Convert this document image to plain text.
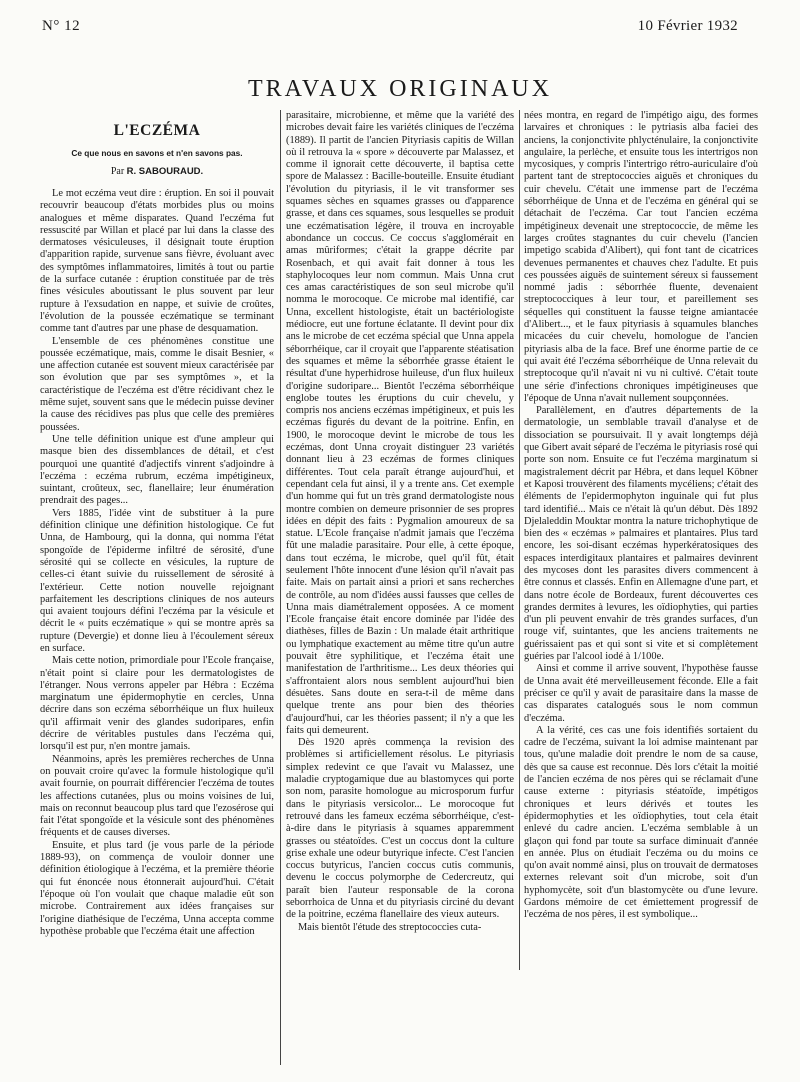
N° 12	10 Février 1932
TRAVAUX ORIGINAUX
L'ECZÉMA
Ce que nous en savons et n'en savons pas.
Par R. SABOURAUD.

Le mot eczéma veut dire : éruption. En soi il pouvait recouvrir beaucoup d'états morbides plus ou moins analogues et même disparates. Quand l'eczéma fut ressuscité par Willan et placé par lui dans la classe des dermatoses vésiculeuses, il désignait toute éruption d'apparition rapide, survenue sans fièvre, évoluant avec des symptômes inflammatoires, limités à tout ou partie de la surface cutanée : éruption constituée par de très fines vésicules aboutissant le plus souvent par leur rupture à l'exsudation en nappe, et suivie de croûtes, l'évolution de la poussée eczématique se terminant comme tant d'autres par une phase de desquamation.

L'ensemble de ces phénomènes constitue une poussée eczématique, mais, comme le disait Besnier, « une affection cutanée est souvent mieux caractérisée par son évolution que par ses symptômes », et la caractéristique de l'eczéma est d'être récidivant chez le même sujet, souvent sans que le médecin puisse deviner la cause des récidives pas plus que celle des premières poussées.

Une telle définition unique est d'une ampleur qui masque bien des dissemblances de détail, et c'est pourquoi une quantité d'adjectifs vinrent s'adjoindre à l'eczéma : eczéma rubrum, eczéma impétigineux, suintant, croûteux, sec, flanellaire; leur énumération prendrait des pages...

Vers 1885, l'idée vint de substituer à la pure définition clinique une définition histologique. Ce fut Unna, de Hambourg, qui la donna, qui nomma l'état spongoïde de l'épiderme infiltré de sérosité, d'une sérosité qui se collecte en vésicules, la rupture de celles-ci étant suivie du ruissellement de sérosité à l'extérieur. Cette notion nouvelle rejoignant parfaitement les descriptions cliniques de nos auteurs qui avaient toujours défini l'eczéma par la vésicule et décrit le « puits eczématique » qui se montre après sa rupture (Devergie) et donne lieu à l'écoulement séreux en surface.

Mais cette notion, primordiale pour l'Ecole française, n'était point si claire pour les dermatologistes de l'étranger. Nous verrons appeler par Hébra : Eczéma marginatum une épidermophytie en cercles, Unna décrire dans son eczéma séborrhéique un flux huileux qu'il affirmait venir des glandes sudoripares, enfin décrire de véritables pustules dans l'eczéma qui, lorsqu'il est pur, n'en montre jamais.

Néanmoins, après les premières recherches de Unna on pouvait croire qu'avec la formule histologique qu'il avait fournie, on pourrait différencier l'eczéma de toutes les affections cutanées, plus ou moins voisines de lui, mais on reconnut beaucoup plus tard que l'ezosérose qui fait l'état spongoïde et la vésicule sont des phénomènes fréquents et de causes diverses.

Ensuite, et plus tard (je vous parle de la période 1889-93), on commença de vouloir donner une définition étiologique à l'eczéma, et la première théorie qui fut énoncée nous étonnerait aujourd'hui. C'était l'époque où l'on voulait que chaque maladie eût son microbe. Contrairement aux idées françaises sur l'origine diathésique de l'eczéma, Unna accepta comme hypothèse probable que l'eczéma était une affection

parasitaire, microbienne, et même que la variété des microbes devait faire les variétés cliniques de l'eczéma (1889). Il partit de l'ancien Pityriasis capitis de Willan où il retrouva la « spore » découverte par Malassez, et comme il ignorait cette découverte, il baptisa cette spore de Malassez : Bacille-bouteille. Ensuite étudiant l'évolution du pityriasis, il le vit transformer ses squames sèches en squames grasses ou d'apparence grasse, et dans ces squames, sous lesquelles se produit une eczématisation légère, il trouva en incroyable abondance un coccus. Ce coccus s'agglomérait en amas mûriformes; c'était la grappe décrite par Rosenbach, et qui avait fait donner à tous les staphylocoques leur nom commun. Mais Unna crut ces amas caractéristiques de son seul microbe qu'il nomma le morocoque. Ce microbe mal identifié, car Unna, excellent histologiste, était un bactériologiste médiocre, eut une fortune éclatante. Il devint pour dix ans le microbe de cet eczéma spécial que Unna appela séborrhéique, car il croyait que l'apparente stéatisation des squames et même la séborrhée grasse étaient le résultat d'une hyperhidrose huileuse, d'un flux huileux d'origine sudoripare... Bientôt l'eczéma séborrhéique englobe toutes les éruptions du cuir chevelu, y compris nos anciens eczémas impétigineux, et puis les eczémas figurés du devant de la poitrine. Enfin, en 1900, le morocoque devint le microbe de tous les eczémas, dont Unna croyait distinguer 23 variétés donnant lieu à 23 eczémas de formes cliniques différentes. Tout cela paraît étrange aujourd'hui, et cependant cela fut ainsi, il y a trente ans. Cet exemple d'un homme qui fut un très grand dermatologiste nous montre combien on demeure prisonnier de ses propres idées en dépit des faits : Pygmalion amoureux de sa statue. L'Ecole française n'admit jamais que l'eczéma fût une maladie parasitaire. Pour elle, à cette époque, dans tout eczéma, le microbe, quel qu'il fût, était seulement l'hôte innocent d'une lésion qu'il n'avait pas faite. Mais on partait ainsi a priori et sans recherches de contrôle, au nom d'idées aussi fausses que celles de Unna mais diamétralement opposées. A ce moment l'Ecole française était encore dominée par l'idée des diathèses, filles de Bazin : Un malade était arthritique ou lymphatique exactement au même titre qu'un autre pouvait être syphilitique, et l'eczéma était une manifestation de l'arthritisme... Les deux théories qui s'affrontaient alors nous semblent aujourd'hui bien désuètes. Sans doute en sera-t-il de même dans quelque trente ans pour bien des théories d'aujourd'hui, car les théories passent; il n'y a que les faits qui demeurent.

Dès 1920 après commença la revision des problèmes si artificiellement résolus. Le pityriasis simplex redevint ce que l'avait vu Malassez, une maladie cryptogamique due au blastomyces qui porte son nom, parasite homologue au microsporum furfur dans le pityriasis versicolor... Le morocoque fut retrouvé dans les fameux eczéma séborrhéique, c'est-à-dire dans le pityriasis à squames apparemment grasses ou stéatoïdes. C'est un coccus dont la culture grise exhale une odeur butyrique infecte. C'est l'ancien coccus butyricus, l'ancien coccus cutis communis, devenu le coccus polymorphe de Cedercreutz, qui paraît bien l'auteur responsable de la corona seborrhoica de Unna et du pityriasis circiné du devant de la poitrine, eczéma flanellaire des vieux auteurs.

Mais bientôt l'étude des streptococcies cuta-

nées montra, en regard de l'impétigo aigu, des formes larvaires et chroniques : le pytriasis alba faciei des anciens, la conjonctivite phlycténulaire, la conjonctivite angulaire, la perlèche, et ensuite tous les intertrigos non mycosiques, y compris l'intertrigo rétro-auriculaire d'où partent tant de streptococcies aiguës et chroniques du cuir chevelu. C'était une immense part de l'eczéma séborrhéique de Unna et de l'eczéma en général qui se détachait de l'eczéma. Car tout l'ancien eczéma impétigineux devenait une streptococcie, de même les larges croûtes stagnantes du cuir chevelu (l'ancien impetigo scabida d'Alibert), qui font tant de cicatrices devenues permanentes et chauves chez l'adulte. Et puis ces poussées aiguës de suintement séreux si faussement nommé jadis : séborrhée fluente, devenaient streptococciques à leur tour, et pareillement ses séquelles qui constituent la fausse teigne amiantacée d'Alibert..., et le faux pityriasis à squamules blanches micacées du cuir chevelu, homologue de l'ancien pityriasis alba de la face. Bref une énorme partie de ce qui avait été l'eczéma séborrhéique de Unna relevait du streptocoque qu'il n'avait ni vu ni cultivé. C'était toute une série d'infections chroniques impétigineuses que l'époque de Unna n'avait nullement soupçonnées.

Parallèlement, en d'autres départements de la dermatologie, un semblable travail d'analyse et de dissociation se poursuivait. Il y avait longtemps déjà que Gibert avait séparé de l'eczéma le pityriasis rosé qui porte son nom. Ensuite ce fut l'eczéma marginatum si magistralement décrit par Hébra, et dans lequel Köbner et Kaposi trouvèrent des filaments mycéliens; c'était des éléments de l'epidermophyton inguinale qui fut plus tard identifié... Mais ce n'était là qu'un début. Dès 1892 Djelaleddin Mouktar montra la nature trichophytique de bien des « eczémas » palmaires et plantaires. Plus tard encore, les soi-disant eczémas hyperkératosiques des espaces interdigitaux plantaires et palmaires devinrent des mycoses dont les parasites divers commencent à être connus et classés. Enfin en Allemagne d'une part, et dans notre école de Bordeaux, furent découvertes ces grandes dermites à levures, les oïdiophyties, qui parties d'un pli peuvent envahir de très grandes surfaces, d'un rouge vif, suintantes, que les anciens traitements ne guérissaient pas et qui sont si vite et si complètement guéries par l'alcool iodé à 1/100e.

Ainsi et comme il arrive souvent, l'hypothèse fausse de Unna avait été merveilleusement féconde. Elle a fait préciser ce qu'il y avait de parasitaire dans la masse de cas disparates catalogués sous le nom commun d'eczéma.

A la vérité, ces cas une fois identifiés sortaient du cadre de l'eczéma, suivant la loi admise maintenant par tous, qu'une maladie doit prendre le nom de sa cause, dès que sa cause est reconnue. Dès lors c'était la moitié de l'ancien eczéma de nos pères qui se réclamait d'une cause externe : pityriasis stéatoïde, impétigos chroniques et leurs dérivés et toutes les épidermophyties et les oïdiophyties, tout cela était enlevé du cadre ancien. L'eczéma semblable à un glaçon qui fond par toute sa surface diminuait d'année en année. Plus on étudiait l'eczéma ou du moins ce qu'on avait nommé ainsi, plus on trouvait de dermatoses externes relevant soit d'un microbe, soit d'un hyphomycète, soit d'un blastomycète ou d'une levure. Gardons mémoire de cet émiettement progressif de l'eczéma de nos pères, il est symbolique...
